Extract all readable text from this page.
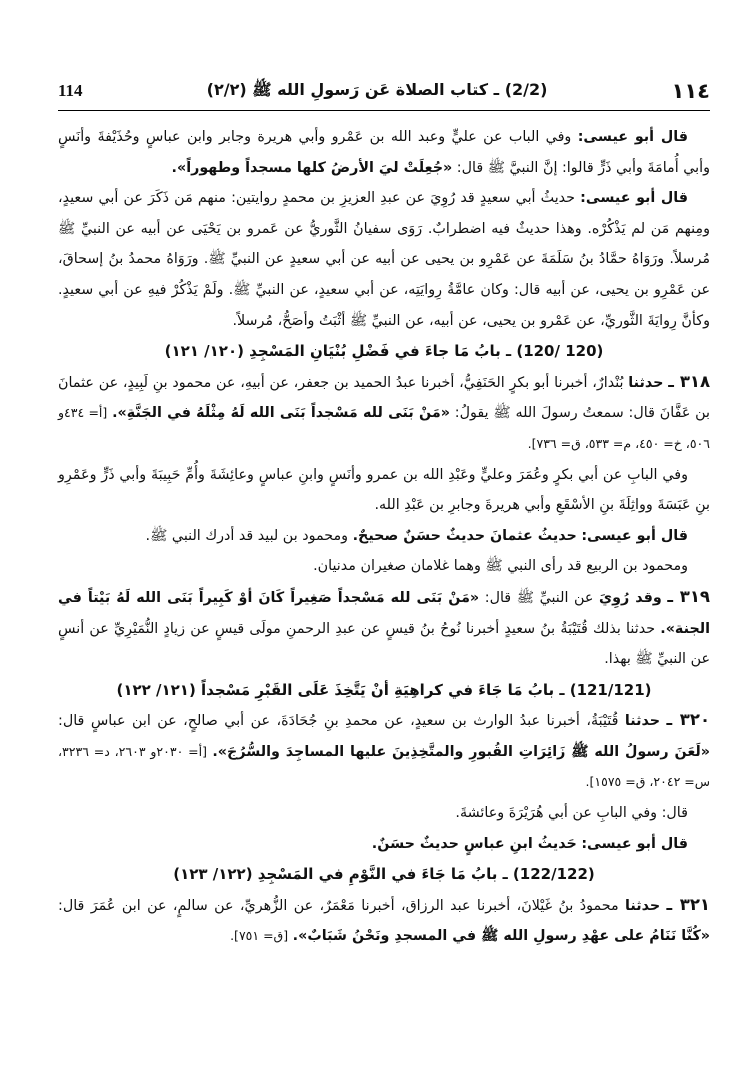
114	(2/2) ـ كتاب الصلاة عَن رَسولِ الله ﷺ (٢/٢)	١١٤

قال أبو عيسى: وفي الباب عن عليٍّ وعبد الله بن عَمْرو وأبي هريرة وجابر وابن عباسٍ وحُذَيْفةَ وأنَسٍ وأبي أُمامَةَ وأبي ذَرٍّ قالوا: إنَّ النبيَّ ﷺ قال: «جُعِلَتْ ليَ الأرضُ كلها مسجداً وطهوراً».

قال أبو عيسى: حديثُ أبي سعيدٍ قد رُوِيَ عن عبدِ العزيزِ بن محمدٍ روايتين: منهم مَن ذَكَرَ عن أبي سعيدٍ، ومِنهم مَن لم يَذْكُرْه. وهذا حديثٌ فيه اضطرابٌ. رَوَى سفيانُ الثَّوريُّ عن عَمرو بن يَحْيَى عن أبيه عن النبيِّ ﷺ مُرسلاً. ورَوَاهُ حمَّادُ بنُ سَلَمَةَ عن عَمْرِو بن يحيى عن أبيه عن أبي سعيدٍ عن النبيِّ ﷺ. ورَوَاهُ محمدُ بنُ إسحاقَ، عن عَمْرِو بن يحيى، عن أبيه قال: وكان عامَّةُ رِوايَتِه، عن أبي سعيدٍ، عن النبيِّ ﷺ. ولَمْ يَذْكُرْ فيهِ عن أبي سعيدٍ. وكأنَّ رِوايَةَ الثَّوريِّ، عن عَمْرو بن يحيى، عن أبيه، عن النبيِّ ﷺ أثْبَتُ وأصَحُّ، مُرسلاً.

(120 /120) ـ بابُ مَا جاءَ في فَضْلِ بُنْيَانِ المَسْجِدِ (١٢٠/ ١٢١)

٣١٨ ـ حدثنا بُنْدارٌ، أخبرنا أبو بكرٍ الحَنَفِيُّ، أخبرنا عبدُ الحميد بن جعفر، عن أبيهِ، عن محمود بنِ لَبِيدٍ، عن عثمانَ بن عَفَّانَ قال: سمعتُ رسولَ الله ﷺ يقولُ: «مَنْ بَنَى لله مَسْجداً بَنَى الله لَهُ مِثْلَهُ في الجَنَّةِ». [أ= ٤٣٤و ٥٠٦، خ= ٤٥٠، م= ٥٣٣، ق= ٧٣٦].

وفي البابِ عن أبي بكرٍ وعُمَرَ وعليٍّ وعَبْدِ الله بن عمرو وأنَسٍ وابنِ عباسٍ وعائِشَةَ وأُمِّ حَبِيبَةَ وأبي ذَرٍّ وعَمْرِو بنِ عَبَسَةَ وواثِلَةَ بنِ الأسْقَعِ وأبي هريرةَ وجابرِ بن عَبْدِ الله.

قال أبو عيسى: حديثُ عثمانَ حديثٌ حسَنٌ صحيحٌ. ومحمود بن لبيد قد أدرك النبي ﷺ.

ومحمود بن الربيع قد رأى النبي ﷺ وهما غلامان صغيران مدنيان.

٣١٩ ـ وقد رُوِيَ عن النبيِّ ﷺ قال: «مَنْ بَنَى لله مَسْجداً صَغِيراً كَانَ أوْ كَبِيراً بَنَى الله لَهُ بَيْتاً في الجنة». حدثنا بذلك قُتَيْبَةُ بنُ سعيدٍ أخبرنا نُوحُ بنُ قيسٍ عن عبدِ الرحمنِ مولَى قيسٍ عن زيادٍ النُّمَيْرِيِّ عن أنسٍ عن النبيِّ ﷺ بهذا.

(121/121) ـ بابُ مَا جَاءَ في كراهِيَةِ أنْ يَتَّخِذَ عَلَى القَبْرِ مَسْجداً (١٢١/ ١٢٢)

٣٢٠ ـ حدثنا قُتَيْبَةُ، أخبرنا عبدُ الوارث بن سعيدٍ، عن محمدِ بنِ جُحَادَةَ، عن أبي صالحٍ، عن ابن عباسٍ قال: «لَعَنَ رسولُ الله ﷺ زَائِرَاتِ القُبورِ والمتَّخِذِينَ عليها المساجِدَ والسُّرُجَ». [أ= ٢٠٣٠و ٢٦٠٣، د= ٣٢٣٦، س= ٢٠٤٢، ق= ١٥٧٥].

قال: وفي البابِ عن أبي هُرَيْرَةَ وعائشةَ.

قال أبو عيسى: حَديثُ ابنِ عباسٍ حديثٌ حسَنٌ.

(122/122) ـ بابُ مَا جَاءَ في النَّوْمِ في المَسْجِدِ (١٢٢/ ١٢٣)

٣٢١ ـ حدثنا محمودُ بنُ غَيْلانَ، أخبرنا عبد الرزاق، أخبرنا مَعْمَرٌ، عن الزُّهريِّ، عن سالمٍ، عن ابن عُمَرَ قال: «كُنَّا نَنَامُ على عهْدِ رسولِ الله ﷺ في المسجدِ ونَحْنُ شَبَابٌ». [ق= ٧٥١].
